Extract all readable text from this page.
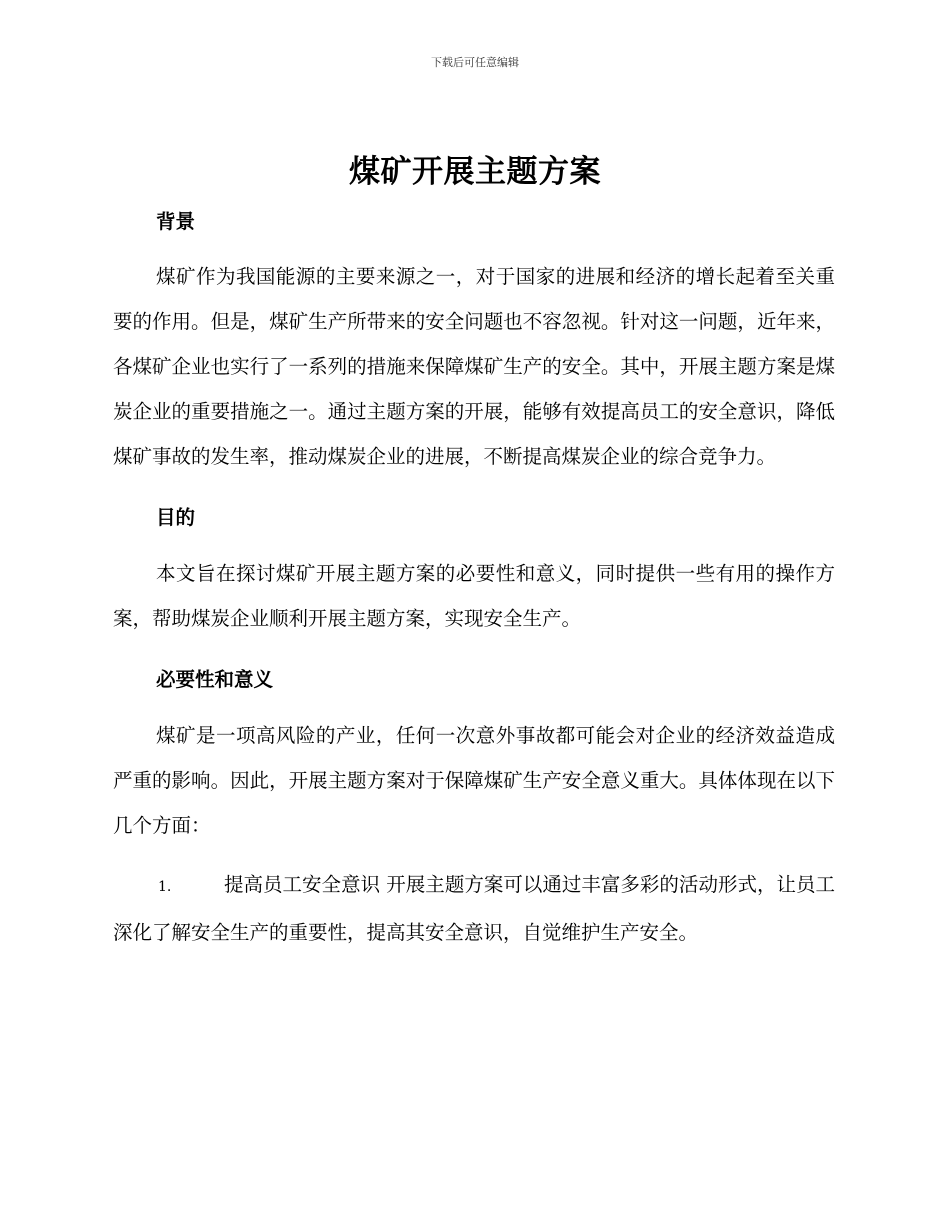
下载后可任意编辑
煤矿开展主题方案
背景

煤矿作为我国能源的主要来源之一，对于国家的进展和经济的增长起着至关重要的作用。但是，煤矿生产所带来的安全问题也不容忽视。针对这一问题，近年来，各煤矿企业也实行了一系列的措施来保障煤矿生产的安全。其中，开展主题方案是煤炭企业的重要措施之一。通过主题方案的开展，能够有效提高员工的安全意识，降低煤矿事故的发生率，推动煤炭企业的进展，不断提高煤炭企业的综合竞争力。

目的

本文旨在探讨煤矿开展主题方案的必要性和意义，同时提供一些有用的操作方案，帮助煤炭企业顺利开展主题方案，实现安全生产。

必要性和意义

煤矿是一项高风险的产业，任何一次意外事故都可能会对企业的经济效益造成严重的影响。因此，开展主题方案对于保障煤矿生产安全意义重大。具体体现在以下几个方面：

1.	提高员工安全意识 开展主题方案可以通过丰富多彩的活动形式，让员工深化了解安全生产的重要性，提高其安全意识，自觉维护生产安全。
